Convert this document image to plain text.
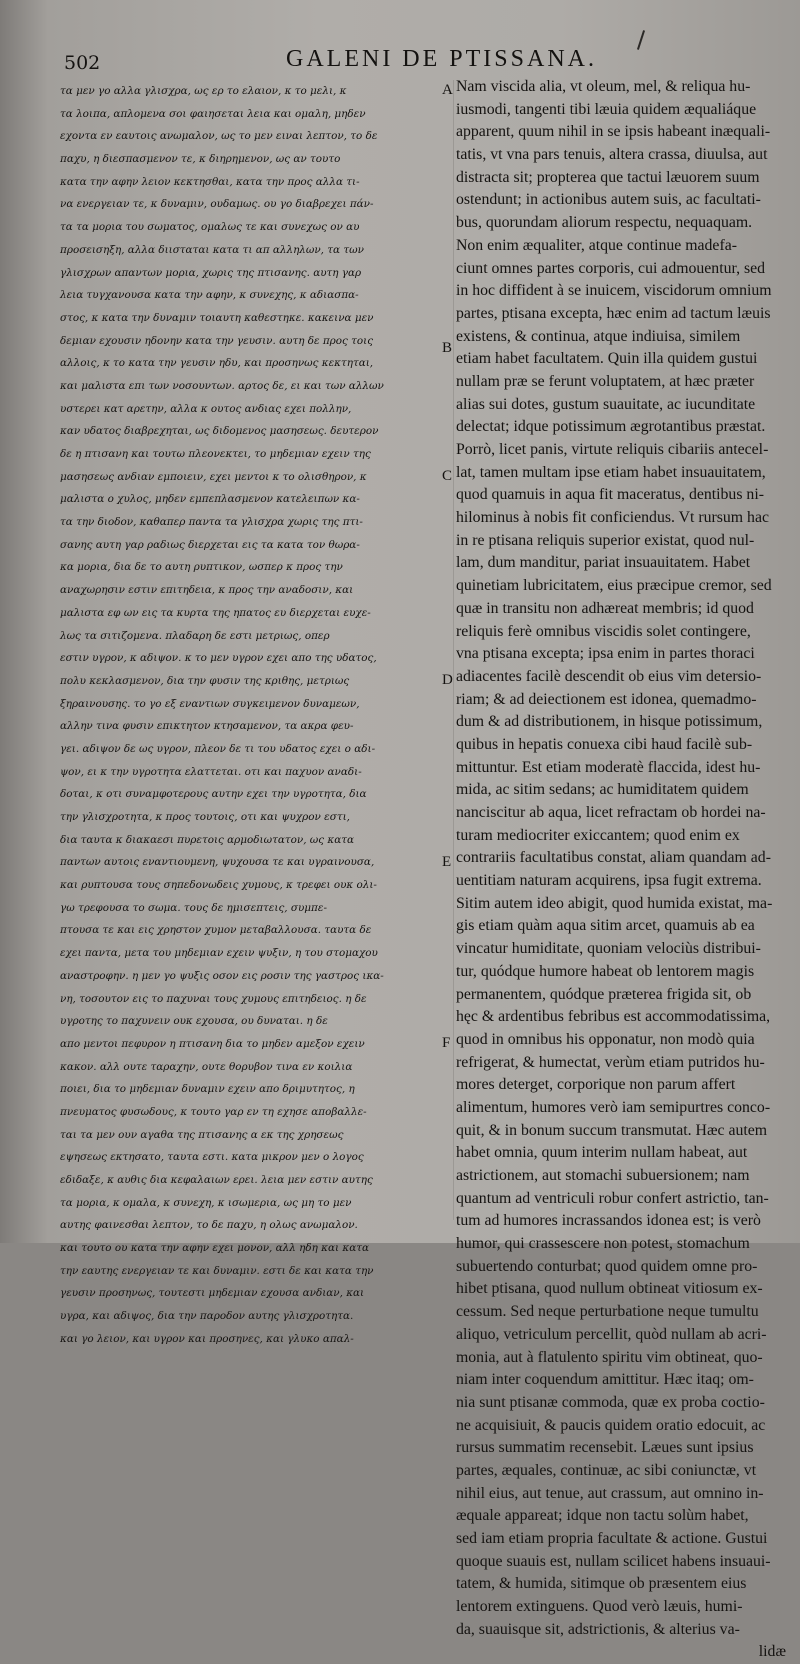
502	GALENI DE PTISSANA.
τα μεν γο αλλα γλισχρα, ως ερ το ελαιον, κ το μελι, κ
τα λοιπα, απλομενα σοι φαιησεται λεια και ομαλη, μηδεν
εχοντα εν εαυτοις ανωμαλον, ως το μεν ειναι λεπτον, το δε
παχυ, η διεσπασμενον τε, κ διηρημενον, ως αν τουτο
κατα την αφην λειον κεκτησθαι, κατα την προς αλλα τι-
να ενεργειαν τε, κ δυναμιν, ουδαμως. ου γο διαβρεχει πάν-
τα τα μορια του σωματος, ομαλως τε και συνεχως ον αυ
προσεισηξη, αλλα διισταται κατα τι απ αλληλων, τα των
γλισχρων απαντων μορια, χωρις της πτισανης. αυτη γαρ
λεια τυγχανουσα κατα την αφην, κ συνεχης, κ αδιασπα-
στος, κ κατα την δυναμιν τοιαυτη καθεστηκε. κακεινα μεν
δεμιαν εχουσιν ηδονην κατα την γευσιν. αυτη δε προς τοις
αλλοις, κ το κατα την γευσιν ηδυ, και προσηνως κεκτηται,
και μαλιστα επι των νοσουντων. αρτος δε, ει και των αλλων
υστερει κατ αρετην, αλλα κ ουτος ανδιας εχει πολλην,
καν υδατος διαβρεχηται, ως διδομενος μασησεως. δευτερον
δε η πτισανη και τουτω πλεονεκτει, το μηδεμιαν εχειν της
μασησεως ανδιαν εμποιειν, εχει μεντοι κ το ολισθηρον, κ
μαλιστα ο χυλος, μηδεν εμπεπλασμενον κατελειπων κα-
τα την διοδον, καθαπερ παντα τα γλισχρα χωρις της πτι-
σανης αυτη γαρ ραδιως διερχεται εις τα κατα τον θωρα-
κα μορια, δια δε το αυτη ρυπτικον, ωσπερ κ προς την
αναχωρησιν εστιν επιτηδεια, κ προς την αναδοσιν, και
μαλιστα εφ ων εις τα κυρτα της ηπατος ευ διερχεται ευχε-
λως τα σιτιζομενα. πλαδαρη δε εστι μετριως, οπερ
εστιν υγρον, κ αδιψον. κ το μεν υγρον εχει απο της υδατος,
πολυ κεκλασμενον, δια την φυσιν της κριθης, μετριως
ξηραινουσης. το γο εξ εναντιων συγκειμενον δυναμεων,
αλλην τινα φυσιν επικτητον κτησαμενον, τα ακρα φευ-
γει. αδιψον δε ως υγρον, πλεον δε τι του υδατος εχει ο αδι-
ψον, ει κ την υγροτητα ελαττεται. οτι και παχυον αναδι-
δοται, κ οτι συναμφοτερους αυτην εχει την υγροτητα, δια
την γλισχροτητα, κ προς τουτοις, οτι και ψυχρον εστι,
δια ταυτα κ διακαεσι πυρετοις αρμοδιωτατον, ως κατα
παντων αυτοις εναντιουμενη, ψυχουσα τε και υγραινουσα,
και ρυπτουσα τους σηπεδονωδεις χυμους, κ τρεφει ουκ ολι-
γω τρεφουσα το σωμα. τους δε ημισεπτεις, συμπε-
πτουσα τε και εις χρηστον χυμον μεταβαλλουσα. ταυτα δε
εχει παντα, μετα του μηδεμιαν εχειν ψυξιν, η του στομαχου
αναστροφην. η μεν γο ψυξις οσον εις ροσιν της γαστρος ικα-
νη, τοσουτον εις το παχυναι τους χυμους επιτηδειος. η δε
υγροτης το παχυνειν ουκ εχουσα, ου δυναται. η δε
απο μεντοι πεφυρον η πτισανη δια το μηδεν αμεξον εχειν
κακον. αλλ ουτε ταραχην, ουτε θορυβον τινα εν κοιλια
ποιει, δια το μηδεμιαν δυναμιν εχειν απο δριμυτητος, η
πνευματος φυσωδους, κ τουτο γαρ εν τη εχησε αποβαλλε-
ται τα μεν ουν αγαθα της πτισανης α εκ της χρησεως
εψησεως εκτησατο, ταυτα εστι. κατα μικρον μεν ο λογος
εδιδαξε, κ αυθις δια κεφαλαιων ερει. λεια μεν εστιν αυτης
τα μορια, κ ομαλα, κ συνεχη, κ ισωμερια, ως μη το μεν
αυτης φαινεσθαι λεπτον, το δε παχυ, η ολως ανωμαλον.
και τουτο ου κατα την αφην εχει μονον, αλλ ηδη και κατα
την εαυτης ενεργειαν τε και δυναμιν. εστι δε και κατα την
γευσιν προσηνως, τουτεστι μηδεμιαν εχουσα ανδιαν, και
υγρα, και αδιψος, δια την παροδον αυτης γλισχροτητα.
και γο λειον, και υγρον και προσηνες, και γλυκο απαλ-
A
B
C
D
E
F
Nam viscida alia, vt oleum, mel, & reliqua hu-
iusmodi, tangenti tibi læuia quidem æqualiáque
apparent, quum nihil in se ipsis habeant inæquali-
tatis, vt vna pars tenuis, altera crassa, diuulsa, aut
distracta sit; propterea que tactui læuorem suum
ostendunt; in actionibus autem suis, ac facultati-
bus, quorundam aliorum respectu, nequaquam.
Non enim æqualiter, atque continue madefa-
ciunt omnes partes corporis, cui admouentur, sed
in hoc diffident à se inuicem, viscidorum omnium
partes, ptisana excepta, hæc enim ad tactum læuis
existens, & continua, atque indiuisa, similem
etiam habet facultatem. Quin illa quidem gustui
nullam præ se ferunt voluptatem, at hæc præter
alias sui dotes, gustum suauitate, ac iucunditate
delectat; idque potissimum ægrotantibus præstat.
Porrò, licet panis, virtute reliquis cibariis antecel-
lat, tamen multam ipse etiam habet insuauitatem,
quod quamuis in aqua fit maceratus, dentibus ni-
hilominus à nobis fit conficiendus. Vt rursum hac
in re ptisana reliquis superior existat, quod nul-
lam, dum manditur, pariat insuauitatem. Habet
quinetiam lubricitatem, eius præcipue cremor, sed
quæ in transitu non adhæreat membris; id quod
reliquis ferè omnibus viscidis solet contingere,
vna ptisana excepta; ipsa enim in partes thoraci
adiacentes facilè descendit ob eius vim detersio-
riam; & ad deiectionem est idonea, quemadmo-
dum & ad distributionem, in hisque potissimum,
quibus in hepatis conuexa cibi haud facilè sub-
mittuntur. Est etiam moderatè flaccida, idest hu-
mida, ac sitim sedans; ac humiditatem quidem
nanciscitur ab aqua, licet refractam ob hordei na-
turam mediocriter exiccantem; quod enim ex
contrariis facultatibus constat, aliam quandam ad-
uentitiam naturam acquirens, ipsa fugit extrema.
Sitim autem ideo abigit, quod humida existat, ma-
gis etiam quàm aqua sitim arcet, quamuis ab ea
vincatur humiditate, quoniam velociùs distribui-
tur, quódque humore habeat ob lentorem magis
permanentem, quódque præterea frigida sit, ob
hęc & ardentibus febribus est accommodatissima,
quod in omnibus his opponatur, non modò quia
refrigerat, & humectat, verùm etiam putridos hu-
mores deterget, corporique non parum affert
alimentum, humores verò iam semipurtres conco-
quit, & in bonum succum transmutat. Hæc autem
habet omnia, quum interim nullam habeat, aut
astrictionem, aut stomachi subuersionem; nam
quantum ad ventriculi robur confert astrictio, tan-
tum ad humores incrassandos idonea est; is verò
humor, qui crassescere non potest, stomachum
subuertendo conturbat; quod quidem omne pro-
hibet ptisana, quod nullum obtineat vitiosum ex-
cessum. Sed neque perturbatione neque tumultu
aliquo, vetriculum percellit, quòd nullam ab acri-
monia, aut à flatulento spiritu vim obtineat, quo-
niam inter coquendum amittitur. Hæc itaq; om-
nia sunt ptisanæ commoda, quæ ex proba coctio-
ne acquisiuit, & paucis quidem oratio edocuit, ac
rursus summatim recensebit. Læues sunt ipsius
partes, æquales, continuæ, ac sibi coniunctæ, vt
nihil eius, aut tenue, aut crassum, aut omnino in-
æquale appareat; idque non tactu solùm habet,
sed iam etiam propria facultate & actione. Gustui
quoque suauis est, nullam scilicet habens insuaui-
tatem, & humida, sitimque ob præsentem eius
lentorem extinguens. Quod verò læuis, humi-
da, suauisque sit, adstrictionis, & alterius va-
lidæ
